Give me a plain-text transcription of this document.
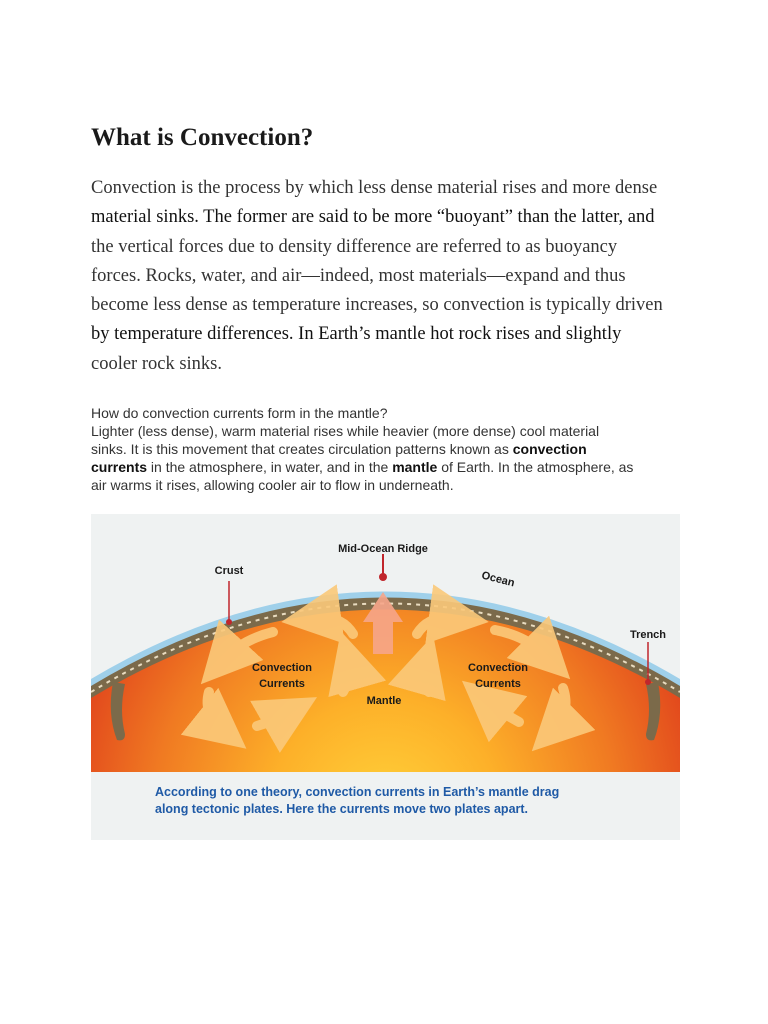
What is Convection?
Convection is the process by which less dense material rises and more dense
material sinks. The former are said to be more “buoyant” than the latter, and
the vertical forces due to density difference are referred to as buoyancy
forces. Rocks, water, and air—indeed, most materials—expand and thus
become less dense as temperature increases, so convection is typically driven
by temperature differences. In Earth’s mantle hot rock rises and slightly
cooler rock sinks.
How do convection currents form in the mantle?
Lighter (less dense), warm material rises while heavier (more dense) cool material
sinks. It is this movement that creates circulation patterns known as convection
currents in the atmosphere, in water, and in the mantle of Earth. In the atmosphere, as
air warms it rises, allowing cooler air to flow in underneath.
Mid-Ocean Ridge
Crust	Ocean
Trench
Convection
Currents
Convection
Currents
Mantle
According to one theory, convection currents in Earth’s mantle drag
along tectonic plates. Here the currents move two plates apart.
